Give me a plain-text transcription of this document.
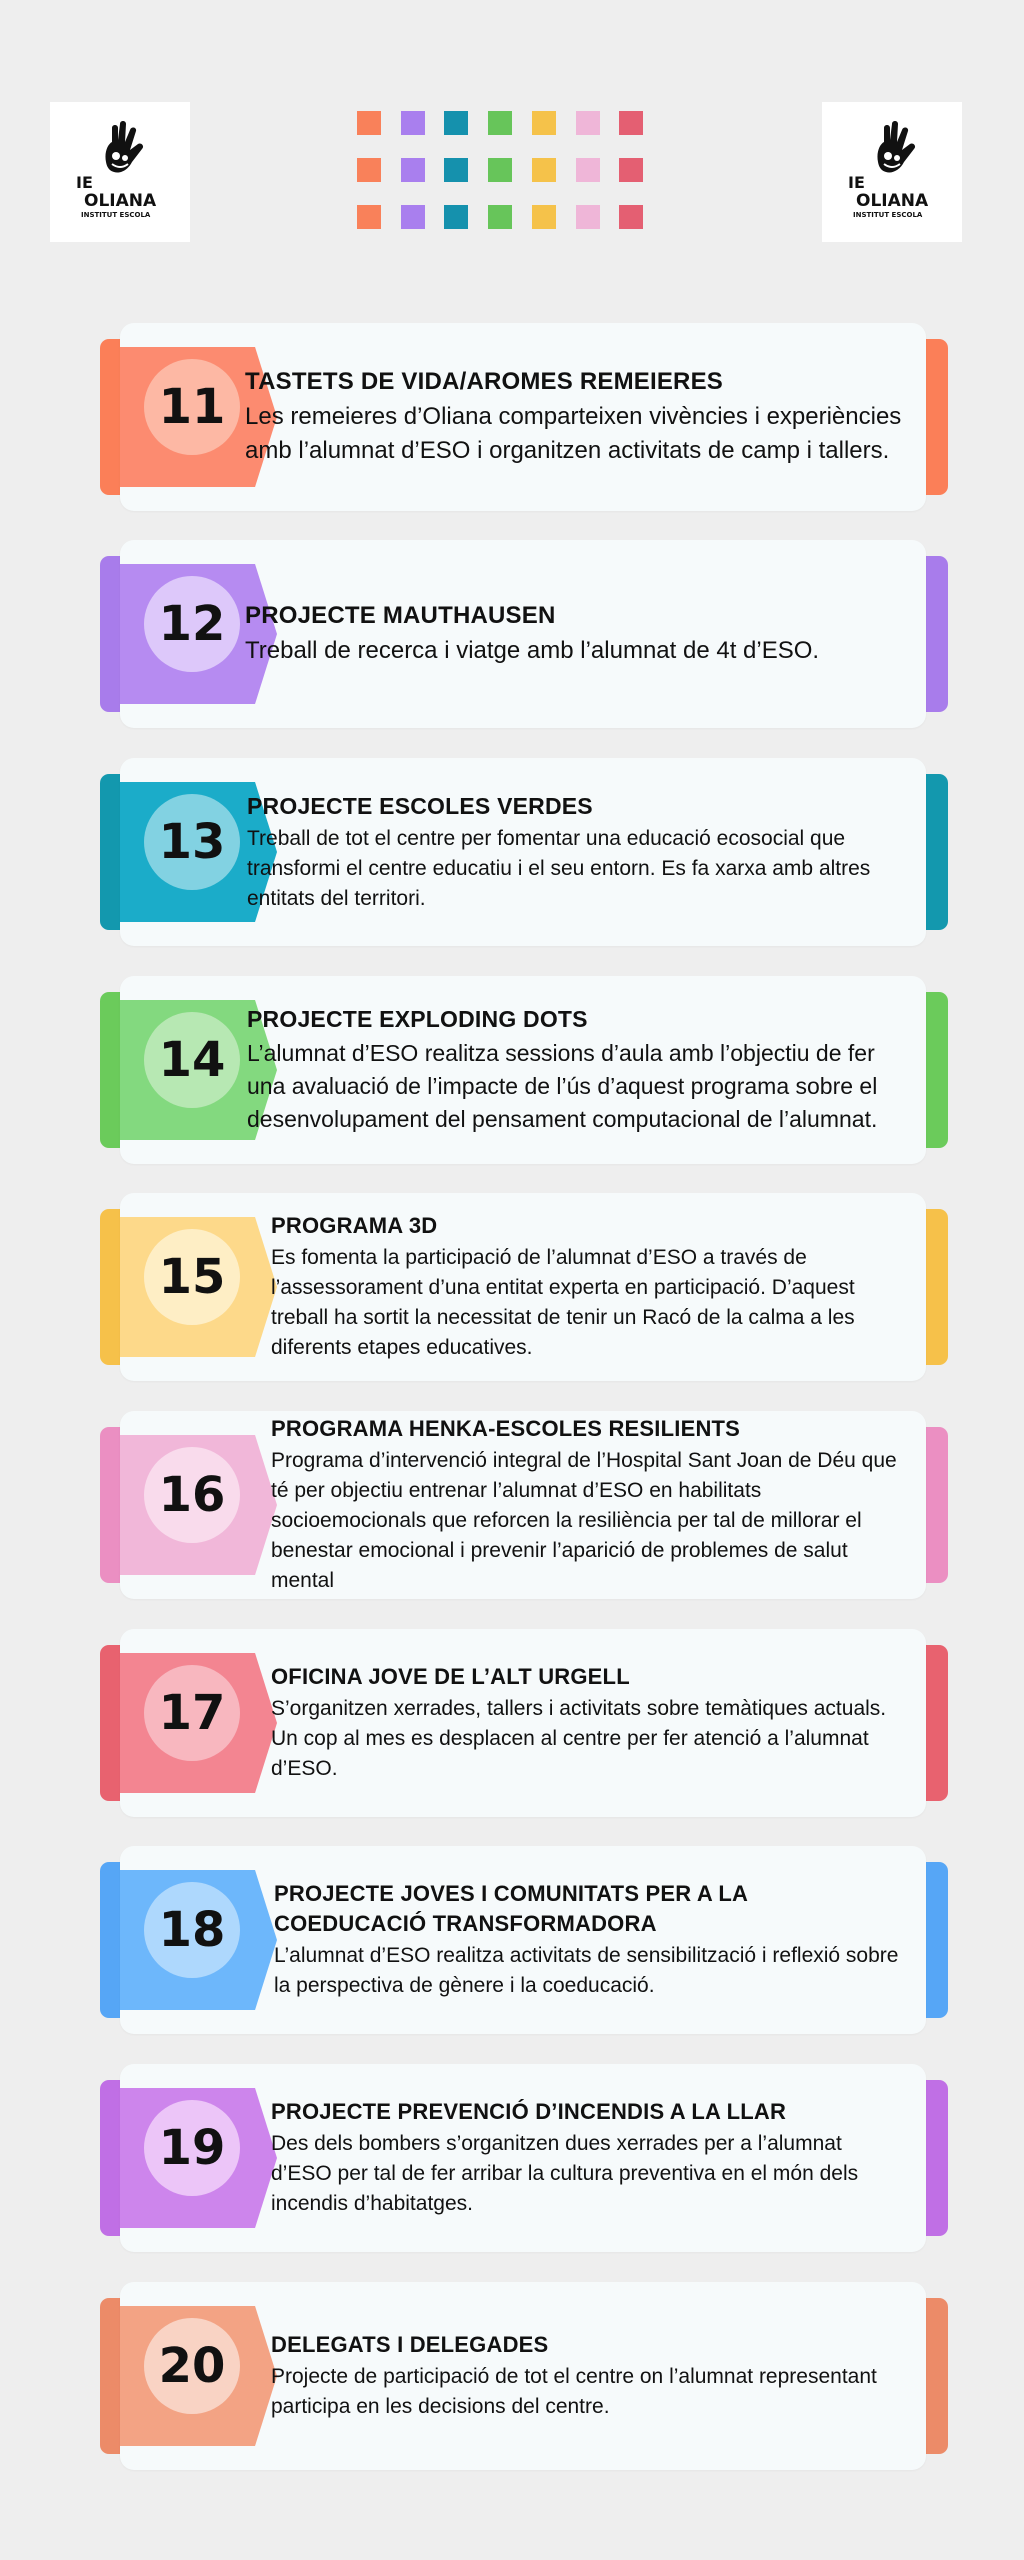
IE
OLIANA
INSTITUT ESCOLA
IE
OLIANA
INSTITUT ESCOLA
11 TASTETS DE VIDA/AROMES REMEIERES
Les remeieres d’Oliana comparteixen vivències i experiències amb l’alumnat d’ESO i organitzen activitats de camp i tallers.
12 PROJECTE MAUTHAUSEN
Treball de recerca i viatge amb l’alumnat de 4t d’ESO.
13
PROJECTE ESCOLES VERDES
Treball de tot el centre per fomentar una educació ecosocial que transformi el centre educatiu i el seu entorn. Es fa xarxa amb altres entitats del territori.
14
PROJECTE EXPLODING DOTS
L’alumnat d’ESO realitza sessions d’aula amb l’objectiu de fer una avaluació de l’impacte de l’ús d’aquest programa sobre el desenvolupament del pensament computacional de l’alumnat.
15
PROGRAMA 3D
Es fomenta la participació de l’alumnat d’ESO a través de l’assessorament d’una entitat experta en participació. D’aquest treball ha sortit la necessitat de tenir un Racó de la calma a les diferents etapes educatives.
16
PROGRAMA HENKA-ESCOLES RESILIENTS
Programa d’intervenció integral de l’Hospital Sant Joan de Déu que té per objectiu entrenar l’alumnat d’ESO en habilitats socioemocionals que reforcen la resiliència per tal de millorar el benestar emocional i prevenir l’aparició de problemes de salut mental
17
OFICINA JOVE DE L’ALT URGELL
S’organitzen xerrades, tallers i activitats sobre temàtiques actuals. Un cop al mes es desplacen al centre per fer atenció a l’alumnat d’ESO.
18
PROJECTE JOVES I COMUNITATS PER A LA COEDUCACIÓ TRANSFORMADORA
L’alumnat d’ESO realitza activitats de sensibilització i reflexió sobre la perspectiva de gènere i la coeducació.
19
PROJECTE PREVENCIÓ D’INCENDIS A LA LLAR
Des dels bombers s’organitzen dues xerrades per a l’alumnat d’ESO per tal de fer arribar la cultura preventiva en el món dels incendis d’habitatges.
20 DELEGATS I DELEGADES
Projecte de participació de tot el centre on l’alumnat representant participa en les decisions del centre.
